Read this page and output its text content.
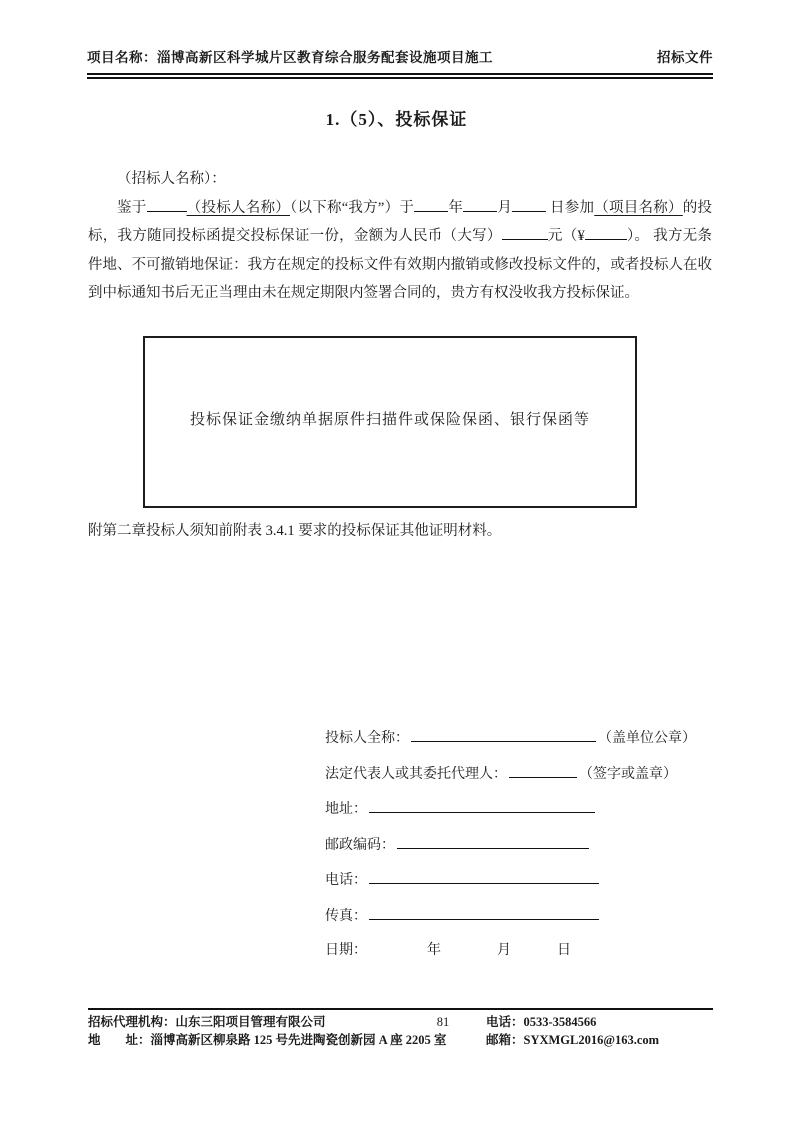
项目名称：淄博高新区科学城片区教育综合服务配套设施项目施工	招标文件
1.（5）、投标保证
（招标人名称）：
鉴于	（投标人名称）（以下称“我方”）于 年 月 日参加（项目名称）的投标，我方随同投标函提交投标保证一份，金额为人民币（大写）	元（¥	）。 我方无条件地、不可撤销地保证：我方在规定的投标文件有效期内撤销或修改投标文件的，或者投标人在收到中标通知书后无正当理由未在规定期限内签署合同的，贵方有权没收我方投标保证。
投标保证金缴纳单据原件扫描件或保险保函、银行保函等
附第二章投标人须知前附表 3.4.1 要求的投标保证其他证明材料。
投标人全称：	（盖单位公章）
法定代表人或其委托代理人：	（签字或盖章）
地址：
邮政编码：
电话：
传真：
日期：	年	月	日
招标代理机构：山东三阳项目管理有限公司	81	电话：0533-3584566
地　　址：淄博高新区柳泉路 125 号先进陶瓷创新园 A 座 2205 室	邮箱：SYXMGL2016@163.com
